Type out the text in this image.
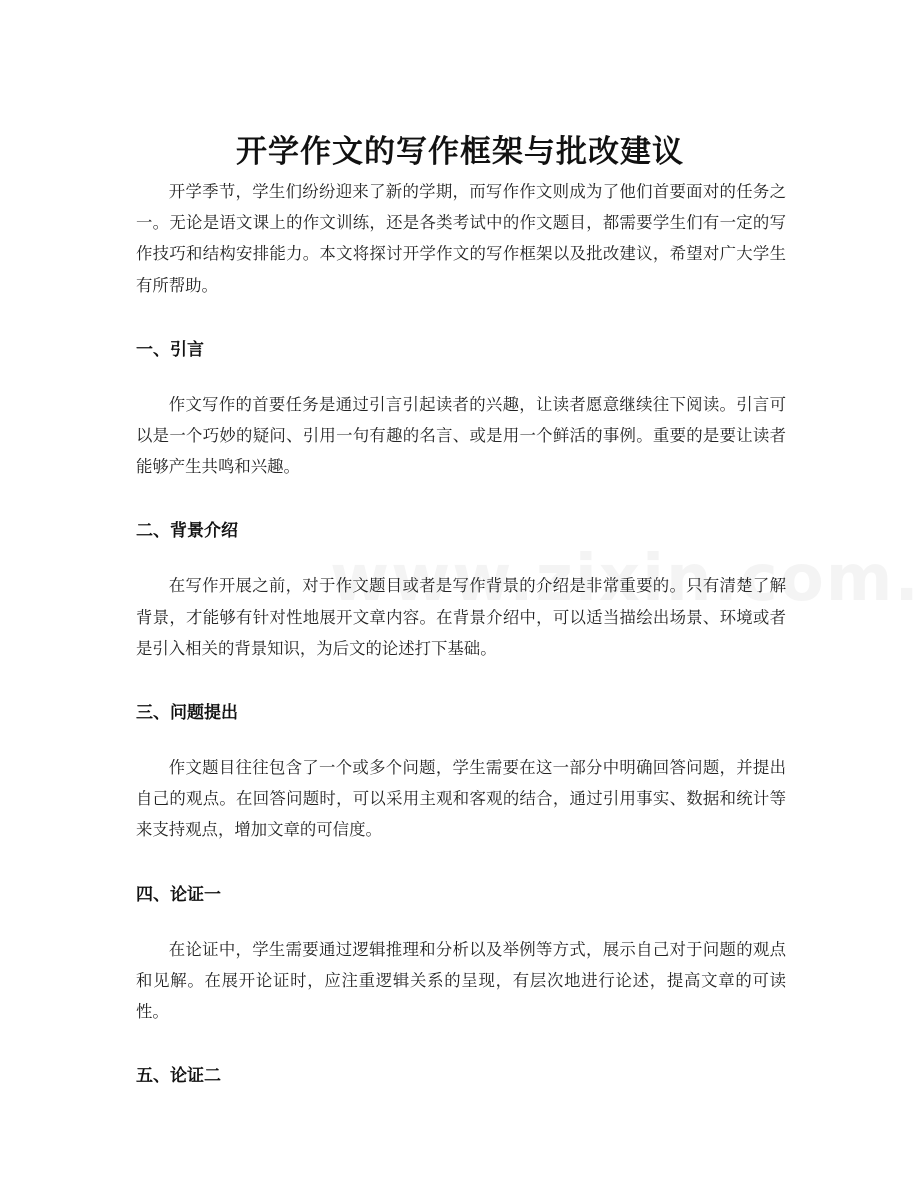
开学作文的写作框架与批改建议

开学季节，学生们纷纷迎来了新的学期，而写作作文则成为了他们首要面对的任务之一。无论是语文课上的作文训练，还是各类考试中的作文题目，都需要学生们有一定的写作技巧和结构安排能力。本文将探讨开学作文的写作框架以及批改建议，希望对广大学生有所帮助。

一、引言

作文写作的首要任务是通过引言引起读者的兴趣，让读者愿意继续往下阅读。引言可以是一个巧妙的疑问、引用一句有趣的名言、或是用一个鲜活的事例。重要的是要让读者能够产生共鸣和兴趣。

二、背景介绍

在写作开展之前，对于作文题目或者是写作背景的介绍是非常重要的。只有清楚了解背景，才能够有针对性地展开文章内容。在背景介绍中，可以适当描绘出场景、环境或者是引入相关的背景知识，为后文的论述打下基础。

三、问题提出

作文题目往往包含了一个或多个问题，学生需要在这一部分中明确回答问题，并提出自己的观点。在回答问题时，可以采用主观和客观的结合，通过引用事实、数据和统计等来支持观点，增加文章的可信度。

四、论证一

在论证中，学生需要通过逻辑推理和分析以及举例等方式，展示自己对于问题的观点和见解。在展开论证时，应注重逻辑关系的呈现，有层次地进行论述，提高文章的可读性。

五、论证二
